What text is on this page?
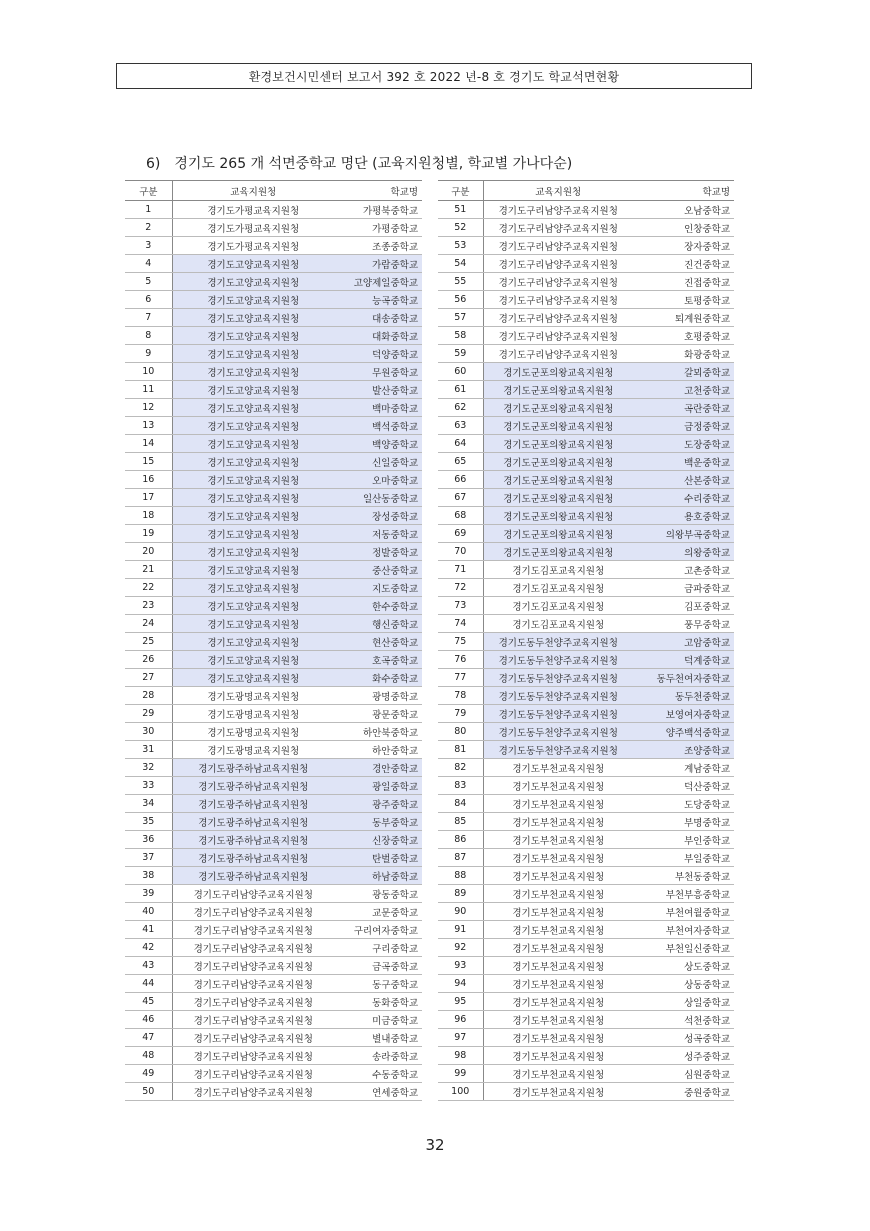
환경보건시민센터 보고서 392 호 2022 년-8 호 경기도 학교석면현황
6) 경기도 265 개 석면중학교 명단 (교육지원청별, 학교별 가나다순)
구분	교육지원청	학교명
1	경기도가평교육지원청	가평북중학교
2	경기도가평교육지원청	가평중학교
3	경기도가평교육지원청	조종중학교
4	경기도고양교육지원청	가람중학교
5	경기도고양교육지원청	고양제일중학교
6	경기도고양교육지원청	능곡중학교
7	경기도고양교육지원청	대송중학교
8	경기도고양교육지원청	대화중학교
9	경기도고양교육지원청	덕양중학교
10	경기도고양교육지원청	무원중학교
11	경기도고양교육지원청	발산중학교
12	경기도고양교육지원청	백마중학교
13	경기도고양교육지원청	백석중학교
14	경기도고양교육지원청	백양중학교
15	경기도고양교육지원청	신일중학교
16	경기도고양교육지원청	오마중학교
17	경기도고양교육지원청	일산동중학교
18	경기도고양교육지원청	장성중학교
19	경기도고양교육지원청	저동중학교
20	경기도고양교육지원청	정발중학교
21	경기도고양교육지원청	중산중학교
22	경기도고양교육지원청	지도중학교
23	경기도고양교육지원청	한수중학교
24	경기도고양교육지원청	행신중학교
25	경기도고양교육지원청	현산중학교
26	경기도고양교육지원청	호곡중학교
27	경기도고양교육지원청	화수중학교
28	경기도광명교육지원청	광명중학교
29	경기도광명교육지원청	광문중학교
30	경기도광명교육지원청	하안북중학교
31	경기도광명교육지원청	하안중학교
32	경기도광주하남교육지원청	경안중학교
33	경기도광주하남교육지원청	광일중학교
34	경기도광주하남교육지원청	광주중학교
35	경기도광주하남교육지원청	동부중학교
36	경기도광주하남교육지원청	신장중학교
37	경기도광주하남교육지원청	탄벌중학교
38	경기도광주하남교육지원청	하남중학교
39	경기도구리남양주교육지원청	광동중학교
40	경기도구리남양주교육지원청	교문중학교
41	경기도구리남양주교육지원청	구리여자중학교
42	경기도구리남양주교육지원청	구리중학교
43	경기도구리남양주교육지원청	금곡중학교
44	경기도구리남양주교육지원청	동구중학교
45	경기도구리남양주교육지원청	동화중학교
46	경기도구리남양주교육지원청	미금중학교
47	경기도구리남양주교육지원청	별내중학교
48	경기도구리남양주교육지원청	송라중학교
49	경기도구리남양주교육지원청	수동중학교
50	경기도구리남양주교육지원청	연세중학교
구분	교육지원청	학교명
51	경기도구리남양주교육지원청	오남중학교
52	경기도구리남양주교육지원청	인창중학교
53	경기도구리남양주교육지원청	장자중학교
54	경기도구리남양주교육지원청	진건중학교
55	경기도구리남양주교육지원청	진접중학교
56	경기도구리남양주교육지원청	토평중학교
57	경기도구리남양주교육지원청	퇴계원중학교
58	경기도구리남양주교육지원청	호평중학교
59	경기도구리남양주교육지원청	화광중학교
60	경기도군포의왕교육지원청	갈뫼중학교
61	경기도군포의왕교육지원청	고천중학교
62	경기도군포의왕교육지원청	곡란중학교
63	경기도군포의왕교육지원청	금정중학교
64	경기도군포의왕교육지원청	도장중학교
65	경기도군포의왕교육지원청	백운중학교
66	경기도군포의왕교육지원청	산본중학교
67	경기도군포의왕교육지원청	수리중학교
68	경기도군포의왕교육지원청	용호중학교
69	경기도군포의왕교육지원청	의왕부곡중학교
70	경기도군포의왕교육지원청	의왕중학교
71	경기도김포교육지원청	고촌중학교
72	경기도김포교육지원청	금파중학교
73	경기도김포교육지원청	김포중학교
74	경기도김포교육지원청	풍무중학교
75	경기도동두천양주교육지원청	고암중학교
76	경기도동두천양주교육지원청	덕계중학교
77	경기도동두천양주교육지원청	동두천여자중학교
78	경기도동두천양주교육지원청	동두천중학교
79	경기도동두천양주교육지원청	보영여자중학교
80	경기도동두천양주교육지원청	양주백석중학교
81	경기도동두천양주교육지원청	조양중학교
82	경기도부천교육지원청	계남중학교
83	경기도부천교육지원청	덕산중학교
84	경기도부천교육지원청	도당중학교
85	경기도부천교육지원청	부명중학교
86	경기도부천교육지원청	부인중학교
87	경기도부천교육지원청	부일중학교
88	경기도부천교육지원청	부천동중학교
89	경기도부천교육지원청	부천부흥중학교
90	경기도부천교육지원청	부천여월중학교
91	경기도부천교육지원청	부천여자중학교
92	경기도부천교육지원청	부천일신중학교
93	경기도부천교육지원청	상도중학교
94	경기도부천교육지원청	상동중학교
95	경기도부천교육지원청	상일중학교
96	경기도부천교육지원청	석천중학교
97	경기도부천교육지원청	성곡중학교
98	경기도부천교육지원청	성주중학교
99	경기도부천교육지원청	심원중학교
100	경기도부천교육지원청	중원중학교
32
